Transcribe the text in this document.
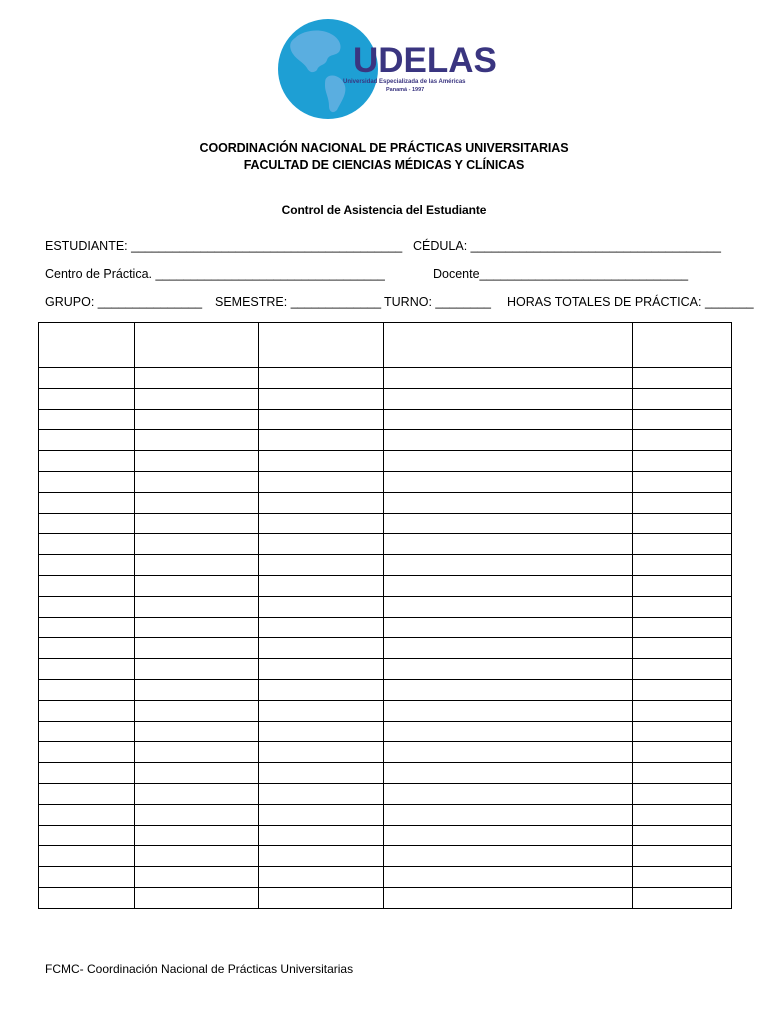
UDELAS
Universidad Especializada de las Américas
Panamá - 1997
COORDINACIÓN NACIONAL DE PRÁCTICAS UNIVERSITARIAS
FACULTAD DE CIENCIAS MÉDICAS Y CLÍNICAS
Control de Asistencia del Estudiante
ESTUDIANTE: _______________________________________ CÉDULA: ____________________________________
Centro de Práctica. _________________________________	Docente______________________________
GRUPO: _______________ SEMESTRE: _____________ TURNO: ________ HORAS TOTALES DE PRÁCTICA: _______

FCMC- Coordinación Nacional de Prácticas Universitarias
